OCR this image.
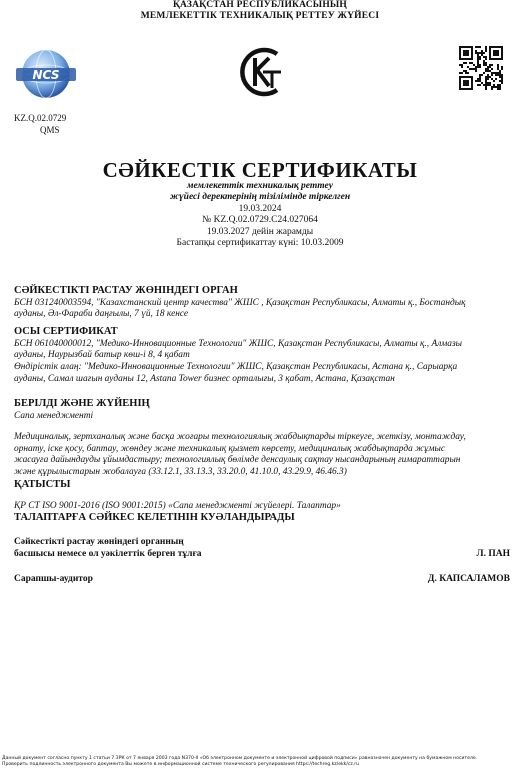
ҚАЗАҚСТАН РЕСПУБЛИКАСЫНЫҢ
МЕМЛЕКЕТТІК ТЕХНИКАЛЫҚ РЕТТЕУ ЖҮЙЕСІ
NCS
KZ.Q.02.0729
QMS
СӘЙКЕСТІК СЕРТИФИКАТЫ
мемлекеттік техникалық реттеу
жүйесі деректерінің тізілімінде тіркелген
19.03.2024
№ KZ.Q.02.0729.С24.027064
19.03.2027 дейін жарамды
Бастапқы сертификаттау күні: 10.03.2009
СӘЙКЕСТІКТІ РАСТАУ ЖӨНІНДЕГІ ОРГАН
БСН 031240003594, "Казахстанский центр качества" ЖШС , Қазақстан Республикасы, Алматы қ., Бостандық
ауданы, Әл-Фараби даңғылы, 7 үй, 18 кенсе
ОСЫ СЕРТИФИКАТ
БСН 061040000012, "Медико-Инновационные Технологии" ЖШС, Қазақстан Республикасы, Алматы қ., Алмазы
ауданы, Наурызбай батыр көш-і 8, 4 қабат
Өндірістік алаң: "Медико-Инновационные Технологии" ЖШС, Қазақстан Республикасы, Астана қ., Сарыарқа
ауданы, Самал шағын ауданы 12, Astana Tower бизнес орталығы, 3 қабат, Астана, Қазақстан
БЕРІЛДІ ЖӘНЕ ЖҮЙЕНІҢ
Сапа менеджменті
Медициналық, зертханалық және басқа жоғары технологиялық жабдықтарды тіркеуге, жеткізу, монтаждау,
орнату, іске қосу, баптау, жөндеу және техникалық қызмет көрсету, медициналық жабдықтарда жұмыс
жасауға дайындауды ұйымдастыру; технологиялық бөлімде денсаулық сақтау нысандарының ғимараттарын
және құрылыстарын жобалауға (33.12.1, 33.13.3, 33.20.0, 41.10.0, 43.29.9, 46.46.3)
ҚАТЫСТЫ
ҚР СТ ISO 9001-2016 (ISO 9001:2015) «Сапа менеджменті жүйелері. Талаптар»
ТАЛАПТАРҒА СӘЙКЕС КЕЛЕТІНІН КУӘЛАНДЫРАДЫ
Сәйкестікті растау жөніндегі органның
басшысы немесе ол уәкілеттік берген тұлға	Л. ПАН
Сарапшы-аудитор	Д. КАПСАЛАМОВ
Данный документ согласно пункту 1 статьи 7 ЗРК от 7 января 2003 года N370-II «Об электронном документе и электронной цифровой подписи» равнозначен документу на бумажном носителе.
Проверить подлинность электронного документа Вы можете в информационной системе технического регулирования https://techreg.kz/ekk/cz.ru
